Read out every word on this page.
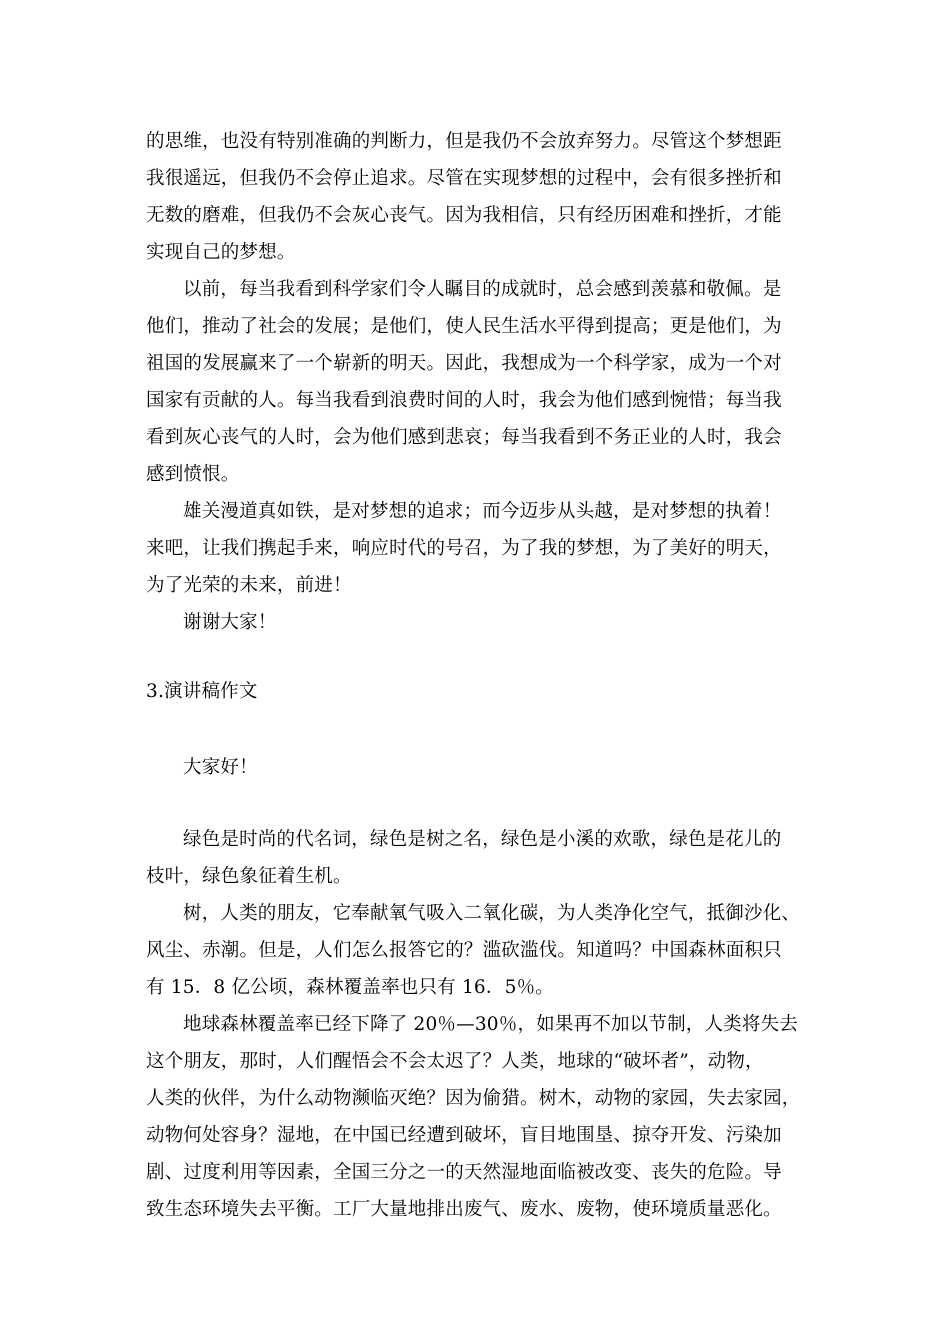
的思维，也没有特别准确的判断力，但是我仍不会放弃努力。尽管这个梦想距
我很遥远，但我仍不会停止追求。尽管在实现梦想的过程中，会有很多挫折和
无数的磨难，但我仍不会灰心丧气。因为我相信，只有经历困难和挫折，才能
实现自己的梦想。
以前，每当我看到科学家们令人瞩目的成就时，总会感到羡慕和敬佩。是
他们，推动了社会的发展；是他们，使人民生活水平得到提高；更是他们，为
祖国的发展赢来了一个崭新的明天。因此，我想成为一个科学家，成为一个对
国家有贡献的人。每当我看到浪费时间的人时，我会为他们感到惋惜；每当我
看到灰心丧气的人时，会为他们感到悲哀；每当我看到不务正业的人时，我会
感到愤恨。
雄关漫道真如铁，是对梦想的追求；而今迈步从头越，是对梦想的执着！
来吧，让我们携起手来，响应时代的号召，为了我的梦想，为了美好的明天，
为了光荣的未来，前进！
谢谢大家！
3.演讲稿作文
大家好！
绿色是时尚的代名词，绿色是树之名，绿色是小溪的欢歌，绿色是花儿的
枝叶，绿色象征着生机。
树，人类的朋友，它奉献氧气吸入二氧化碳，为人类净化空气，抵御沙化、
风尘、赤潮。但是，人们怎么报答它的？滥砍滥伐。知道吗？中国森林面积只
有 15．8 亿公顷，森林覆盖率也只有 16．5％。
地球森林覆盖率已经下降了 20％—30％，如果再不加以节制，人类将失去
这个朋友，那时，人们醒悟会不会太迟了？人类，地球的“破坏者”，动物，
人类的伙伴，为什么动物濒临灭绝？因为偷猎。树木，动物的家园，失去家园，
动物何处容身？湿地，在中国已经遭到破坏，盲目地围垦、掠夺开发、污染加
剧、过度利用等因素，全国三分之一的天然湿地面临被改变、丧失的危险。导
致生态环境失去平衡。工厂大量地排出废气、废水、废物，使环境质量恶化。
